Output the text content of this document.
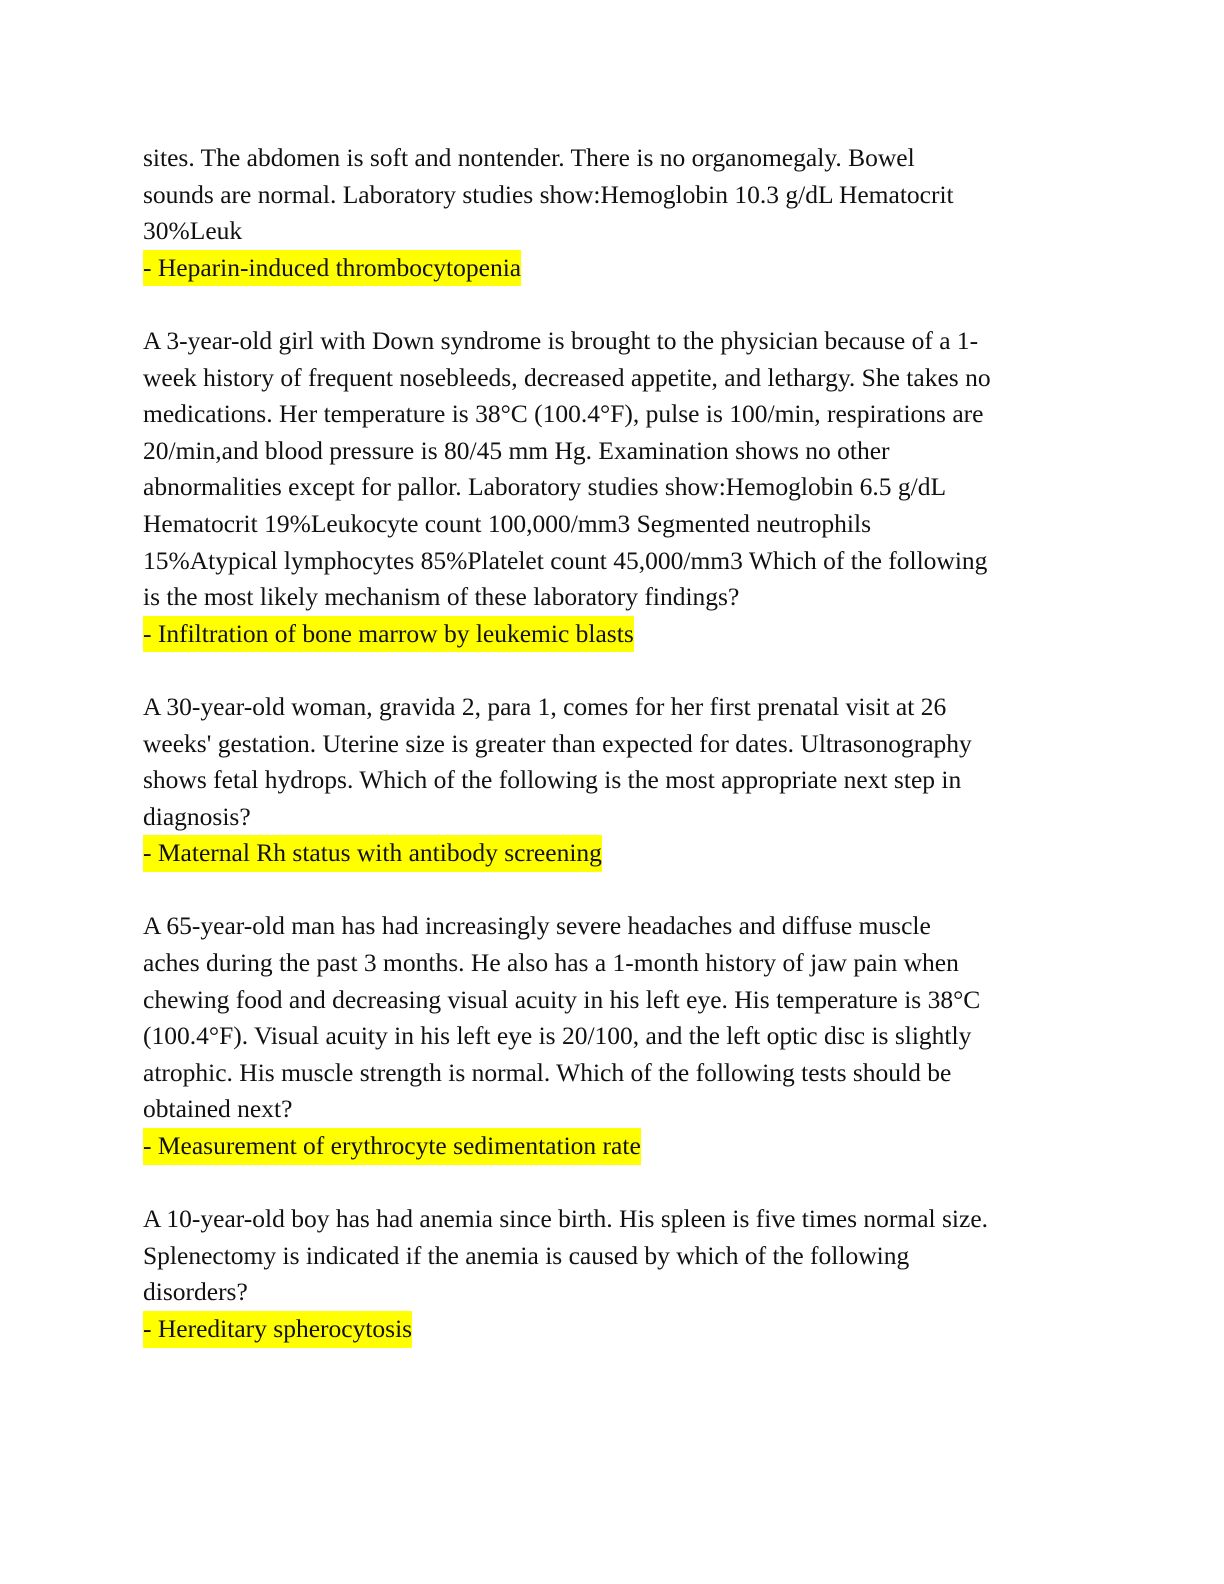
sites. The abdomen is soft and nontender. There is no organomegaly. Bowel
sounds are normal. Laboratory studies show:Hemoglobin 10.3 g/dL Hematocrit
30%Leuk
- Heparin-induced thrombocytopenia
A 3-year-old girl with Down syndrome is brought to the physician because of a 1-
week history of frequent nosebleeds, decreased appetite, and lethargy. She takes no
medications. Her temperature is 38°C (100.4°F), pulse is 100/min, respirations are
20/min,and blood pressure is 80/45 mm Hg. Examination shows no other
abnormalities except for pallor. Laboratory studies show:Hemoglobin 6.5 g/dL
Hematocrit 19%Leukocyte count 100,000/mm3 Segmented neutrophils
15%Atypical lymphocytes 85%Platelet count 45,000/mm3 Which of the following
is the most likely mechanism of these laboratory findings?
- Infiltration of bone marrow by leukemic blasts
A 30-year-old woman, gravida 2, para 1, comes for her first prenatal visit at 26
weeks' gestation. Uterine size is greater than expected for dates. Ultrasonography
shows fetal hydrops. Which of the following is the most appropriate next step in
diagnosis?
- Maternal Rh status with antibody screening
A 65-year-old man has had increasingly severe headaches and diffuse muscle
aches during the past 3 months. He also has a 1-month history of jaw pain when
chewing food and decreasing visual acuity in his left eye. His temperature is 38°C
(100.4°F). Visual acuity in his left eye is 20/100, and the left optic disc is slightly
atrophic. His muscle strength is normal. Which of the following tests should be
obtained next?
- Measurement of erythrocyte sedimentation rate
A 10-year-old boy has had anemia since birth. His spleen is five times normal size.
Splenectomy is indicated if the anemia is caused by which of the following
disorders?
- Hereditary spherocytosis
